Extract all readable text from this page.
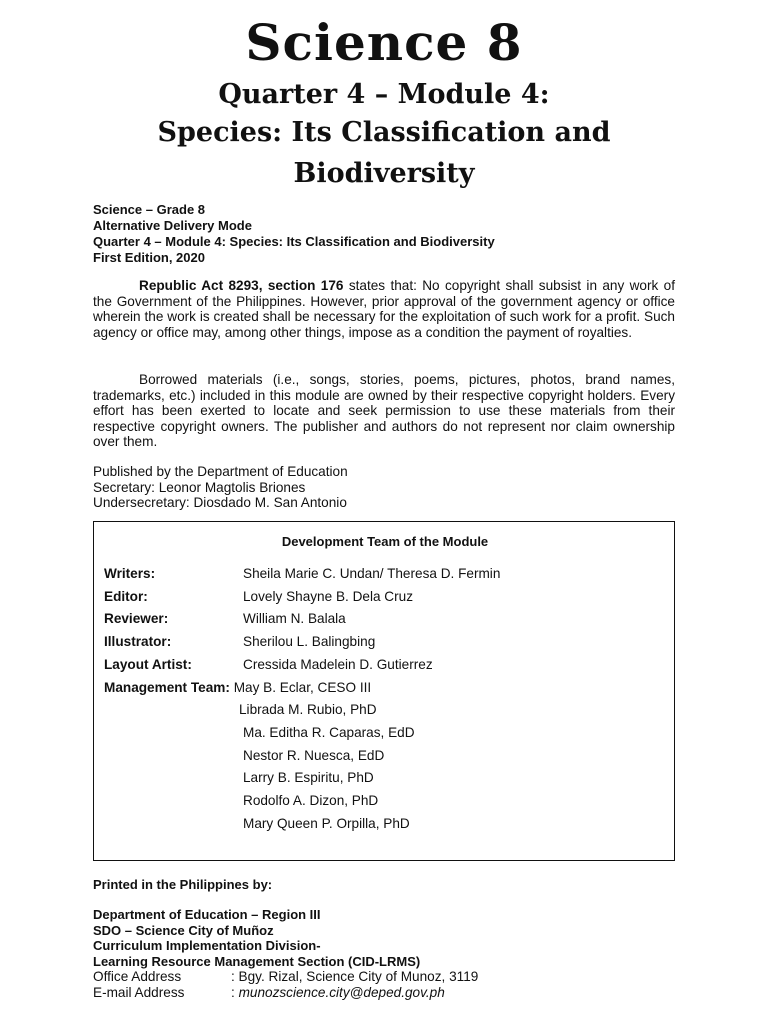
Science 8
Quarter 4 – Module 4:
Species: Its Classification and
Biodiversity
Science – Grade 8
Alternative Delivery Mode
Quarter 4 – Module 4: Species: Its Classification and Biodiversity
First Edition, 2020
Republic Act 8293, section 176 states that: No copyright shall subsist in any work of the Government of the Philippines. However, prior approval of the government agency or office wherein the work is created shall be necessary for the exploitation of such work for a profit. Such agency or office may, among other things, impose as a condition the payment of royalties.
Borrowed materials (i.e., songs, stories, poems, pictures, photos, brand names, trademarks, etc.) included in this module are owned by their respective copyright holders. Every effort has been exerted to locate and seek permission to use these materials from their respective copyright owners. The publisher and authors do not represent nor claim ownership over them.
Published by the Department of Education
Secretary: Leonor Magtolis Briones
Undersecretary: Diosdado M. San Antonio
Development Team of the Module
Writers:	Sheila Marie C. Undan/ Theresa D. Fermin
Editor:	Lovely Shayne B. Dela Cruz
Reviewer:	William N. Balala
Illustrator:	Sherilou L. Balingbing
Layout Artist:	Cressida Madelein D. Gutierrez
Management Team: May B. Eclar, CESO III
Librada M. Rubio, PhD
Ma. Editha R. Caparas, EdD
Nestor R. Nuesca, EdD
Larry B. Espiritu, PhD
Rodolfo A. Dizon, PhD
Mary Queen P. Orpilla, PhD
Printed in the Philippines by:
Department of Education – Region III
SDO – Science City of Muñoz
Curriculum Implementation Division-
Learning Resource Management Section (CID-LRMS)
Office Address	: Bgy. Rizal, Science City of Munoz, 3119
E-mail Address	: munozscience.city@deped.gov.ph
